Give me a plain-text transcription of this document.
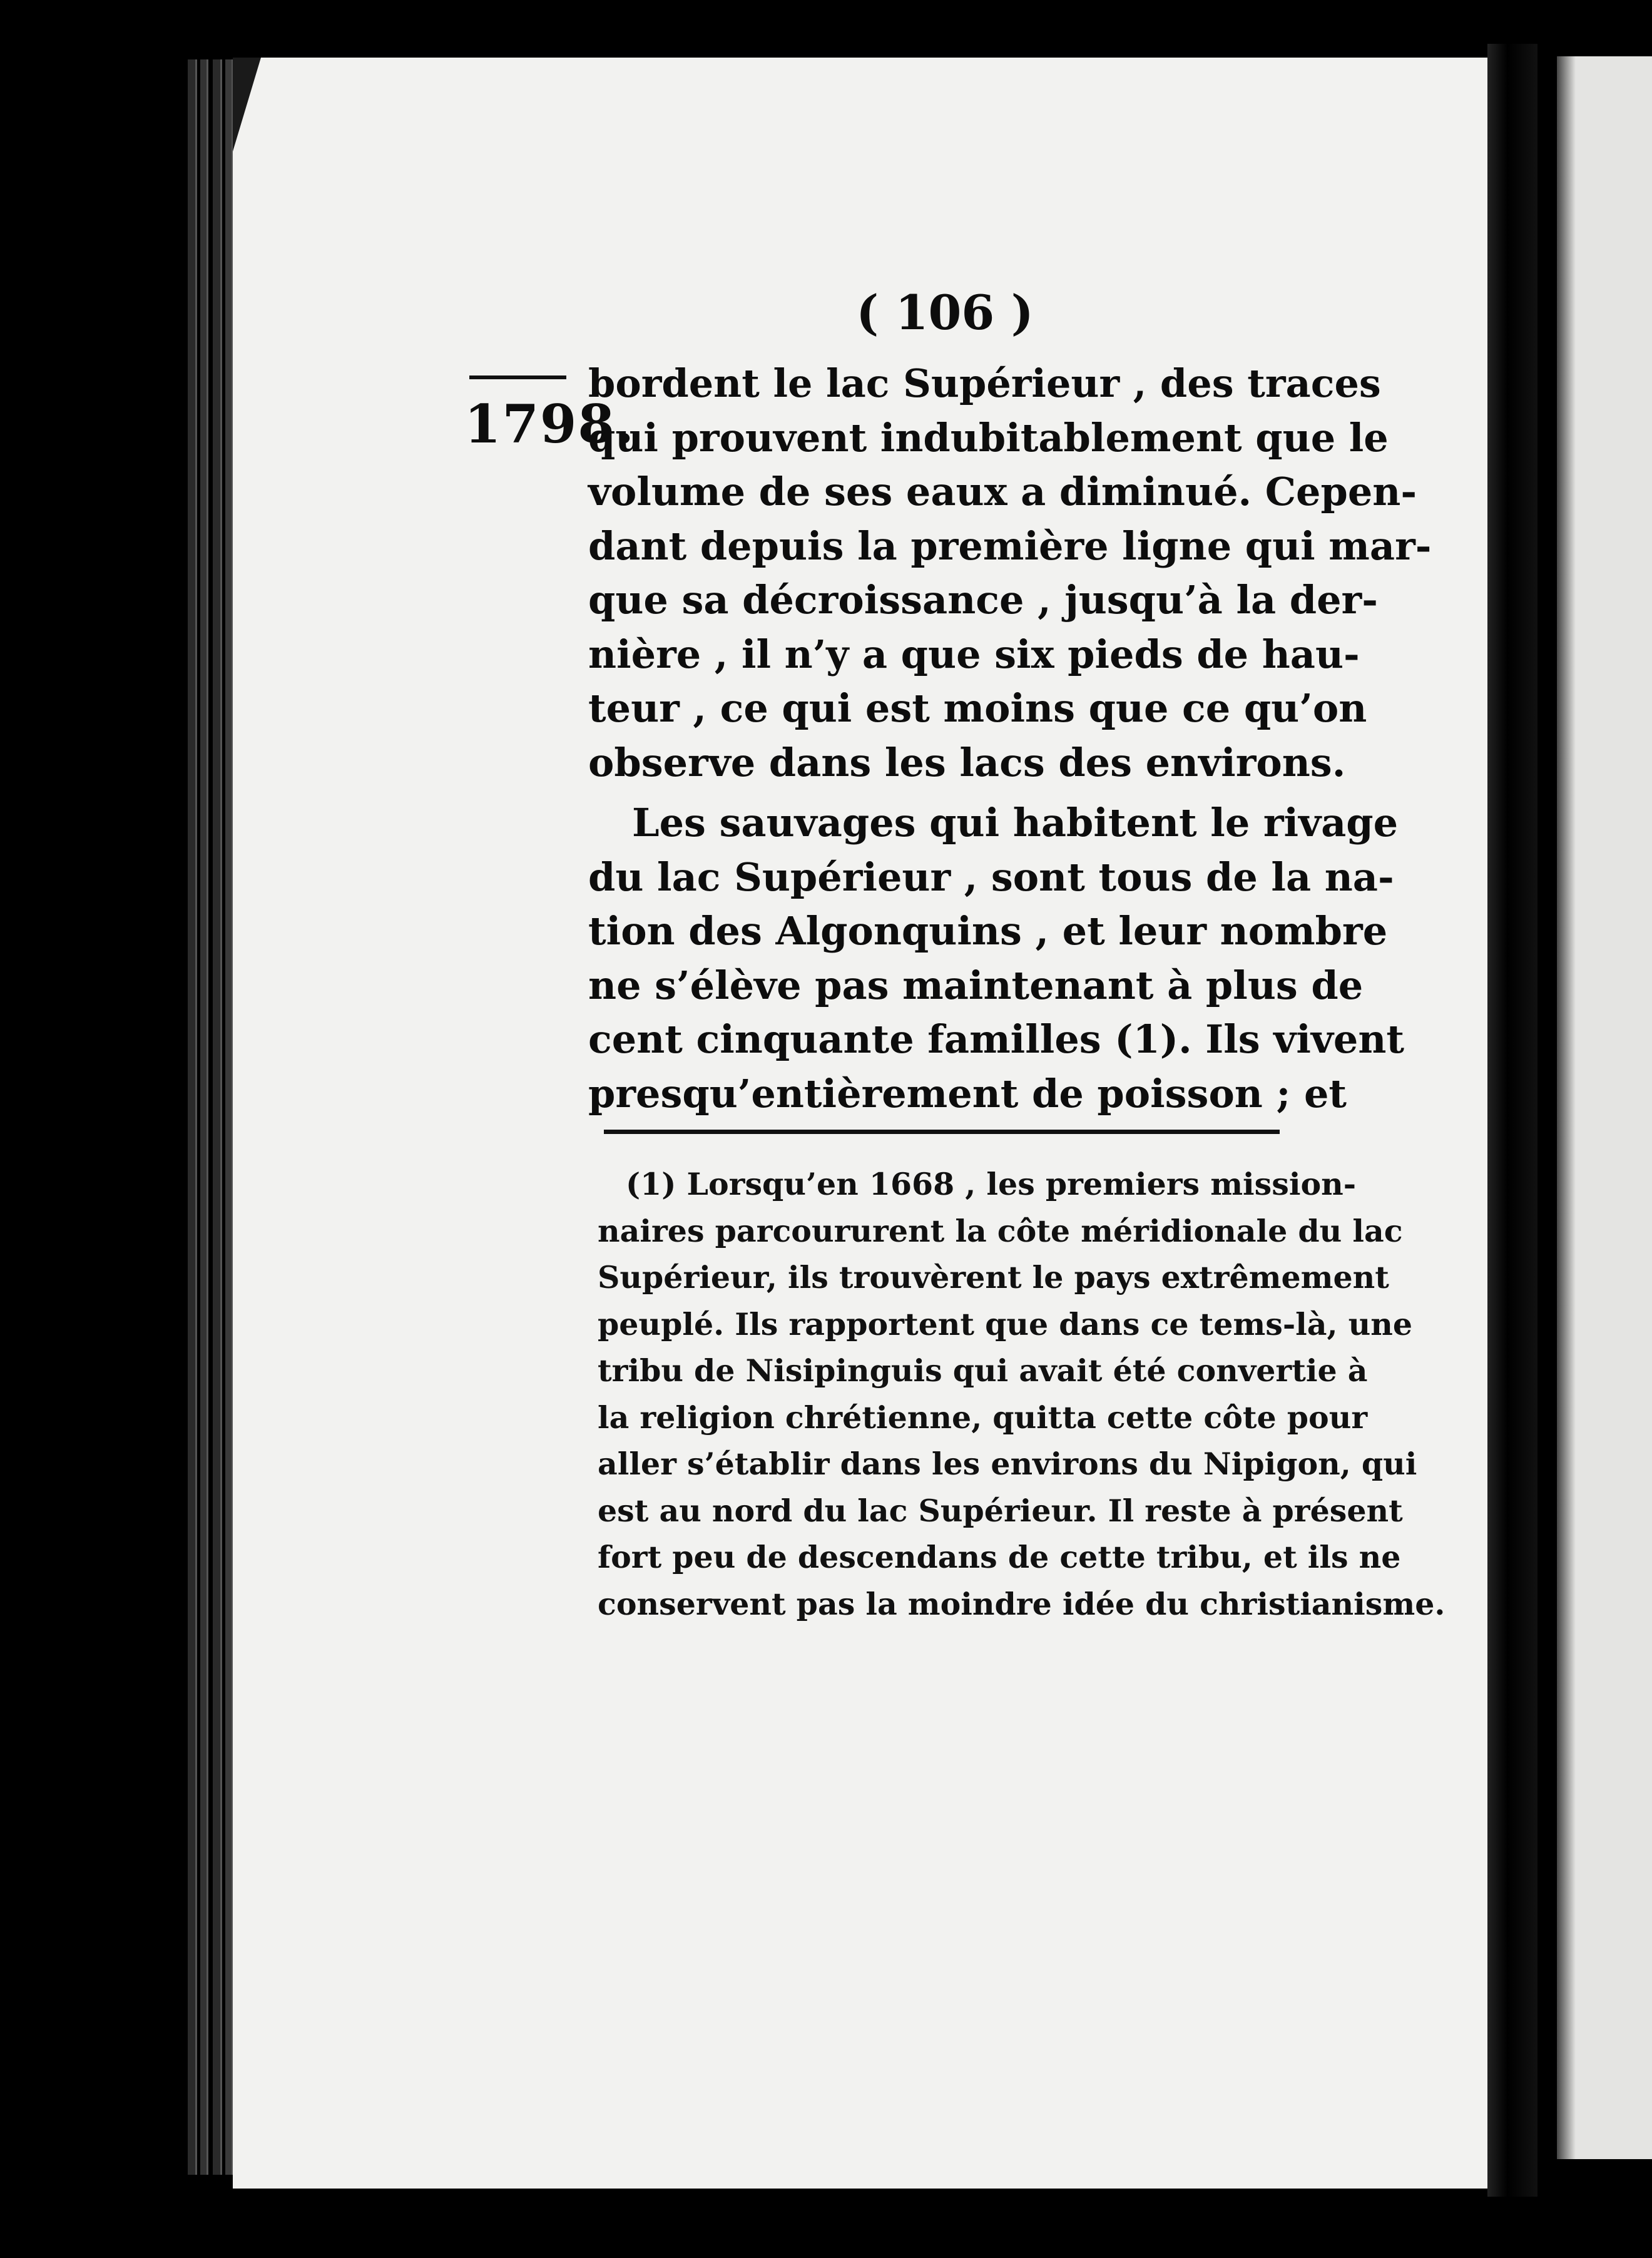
( 106 )
1798.
bordent le lac Supérieur , des traces
qui prouvent indubitablement que le
volume de ses eaux a diminué. Cepen-
dant depuis la première ligne qui mar-
que sa décroissance , jusqu’à la der-
nière , il n’y a que six pieds de hau-
teur , ce qui est moins que ce qu’on
observe dans les lacs des environs.
Les sauvages qui habitent le rivage
du lac Supérieur , sont tous de la na-
tion des Algonquins , et leur nombre
ne s’élève pas maintenant à plus de
cent cinquante familles (1). Ils vivent
presqu’entièrement de poisson ; et
(1) Lorsqu’en 1668 , les premiers mission-
naires parcoururent la côte méridionale du lac
Supérieur, ils trouvèrent le pays extrêmement
peuplé. Ils rapportent que dans ce tems-là, une
tribu de Nisipinguis qui avait été convertie à
la religion chrétienne, quitta cette côte pour
aller s’établir dans les environs du Nipigon, qui
est au nord du lac Supérieur. Il reste à présent
fort peu de descendans de cette tribu, et ils ne
conservent pas la moindre idée du christianisme.
